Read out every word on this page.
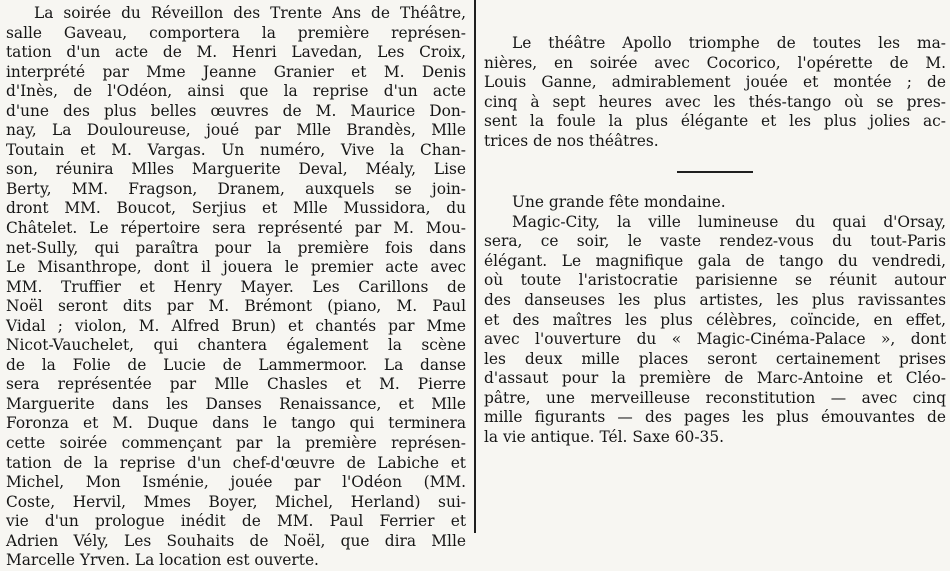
La soirée du Réveillon des Trente Ans de Théâtre,
salle Gaveau, comportera la première représen-
tation d'un acte de M. Henri Lavedan, Les Croix,
interprété par Mme Jeanne Granier et M. Denis
d'Inès, de l'Odéon, ainsi que la reprise d'un acte
d'une des plus belles œuvres de M. Maurice Don-
nay, La Douloureuse, joué par Mlle Brandès, Mlle
Toutain et M. Vargas. Un numéro, Vive la Chan-
son, réunira Mlles Marguerite Deval, Méaly, Lise
Berty, MM. Fragson, Dranem, auxquels se join-
dront MM. Boucot, Serjius et Mlle Mussidora, du
Châtelet. Le répertoire sera représenté par M. Mou-
net-Sully, qui paraîtra pour la première fois dans
Le Misanthrope, dont il jouera le premier acte avec
MM. Truffier et Henry Mayer. Les Carillons de
Noël seront dits par M. Brémont (piano, M. Paul
Vidal ; violon, M. Alfred Brun) et chantés par Mme
Nicot-Vauchelet, qui chantera également la scène
de la Folie de Lucie de Lammermoor. La danse
sera représentée par Mlle Chasles et M. Pierre
Marguerite dans les Danses Renaissance, et Mlle
Foronza et M. Duque dans le tango qui terminera
cette soirée commençant par la première représen-
tation de la reprise d'un chef-d'œuvre de Labiche et
Michel, Mon Isménie, jouée par l'Odéon (MM.
Coste, Hervil, Mmes Boyer, Michel, Herland) sui-
vie d'un prologue inédit de MM. Paul Ferrier et
Adrien Vély, Les Souhaits de Noël, que dira Mlle
Marcelle Yrven. La location est ouverte.
Le théâtre Apollo triomphe de toutes les ma-
nières, en soirée avec Cocorico, l'opérette de M.
Louis Ganne, admirablement jouée et montée ; de
cinq à sept heures avec les thés-tango où se pres-
sent la foule la plus élégante et les plus jolies ac-
trices de nos théâtres.
Une grande fête mondaine.
Magic-City, la ville lumineuse du quai d'Orsay,
sera, ce soir, le vaste rendez-vous du tout-Paris
élégant. Le magnifique gala de tango du vendredi,
où toute l'aristocratie parisienne se réunit autour
des danseuses les plus artistes, les plus ravissantes
et des maîtres les plus célèbres, coïncide, en effet,
avec l'ouverture du « Magic-Cinéma-Palace », dont
les deux mille places seront certainement prises
d'assaut pour la première de Marc-Antoine et Cléo-
pâtre, une merveilleuse reconstitution — avec cinq
mille figurants — des pages les plus émouvantes de
la vie antique. Tél. Saxe 60-35.
